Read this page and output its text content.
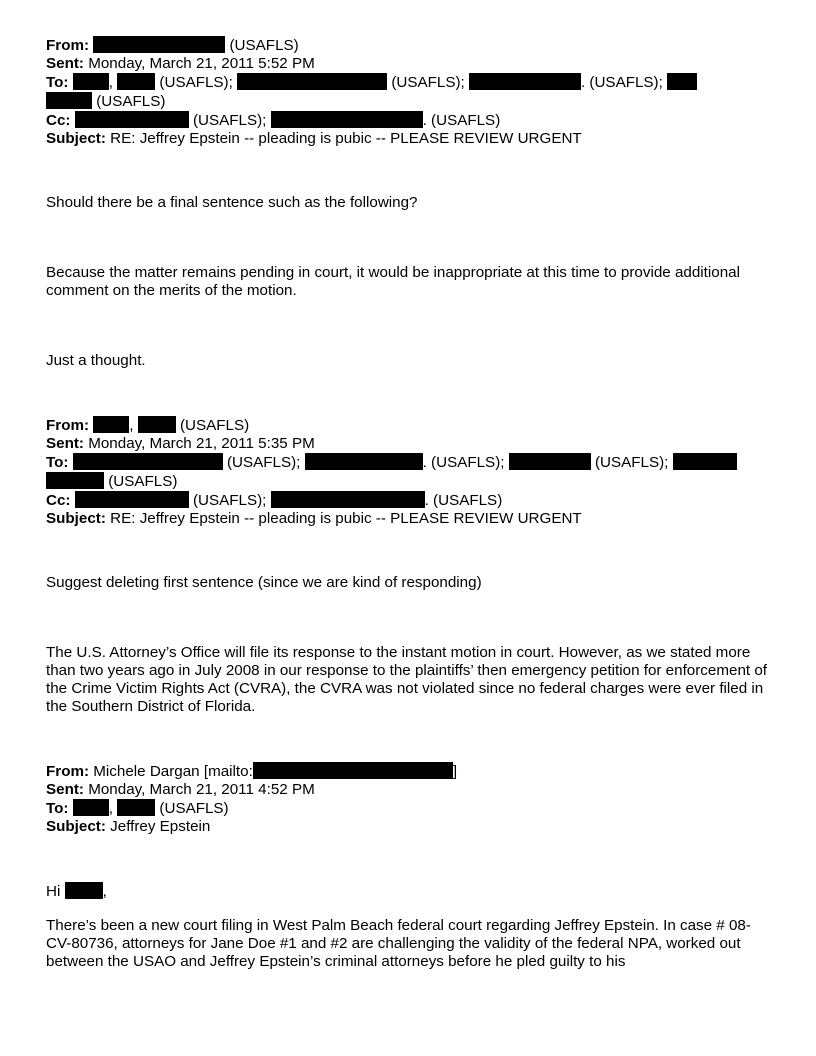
From:	(USAFLS)
Sent: Monday, March 21, 2011 5:52 PM
To:	,	(USAFLS);	(USAFLS);	. (USAFLS);
(USAFLS)
Cc:	(USAFLS);	. (USAFLS)
Subject: RE: Jeffrey Epstein -- pleading is pubic -- PLEASE REVIEW URGENT

Should there be a final sentence such as the following?

Because the matter remains pending in court, it would be inappropriate at this time to provide additional comment on the merits of the motion.

Just a thought.

From:	,	(USAFLS)
Sent: Monday, March 21, 2011 5:35 PM
To:	(USAFLS);	. (USAFLS);	(USAFLS);
(USAFLS)
Cc:	(USAFLS);	. (USAFLS)
Subject: RE: Jeffrey Epstein -- pleading is pubic -- PLEASE REVIEW URGENT

Suggest deleting first sentence (since we are kind of responding)

The U.S. Attorney’s Office will file its response to the instant motion in court. However, as we stated more than two years ago in July 2008 in our response to the plaintiffs’ then emergency petition for enforcement of the Crime Victim Rights Act (CVRA), the CVRA was not violated since no federal charges were ever filed in the Southern District of Florida.

From: Michele Dargan [mailto:	]
Sent: Monday, March 21, 2011 4:52 PM
To:	,	(USAFLS)
Subject: Jeffrey Epstein

Hi	,

There’s been a new court filing in West Palm Beach federal court regarding Jeffrey Epstein. In case # 08-CV-80736, attorneys for Jane Doe #1 and #2 are challenging the validity of the federal NPA, worked out between the USAO and Jeffrey Epstein’s criminal attorneys before he pled guilty to his
